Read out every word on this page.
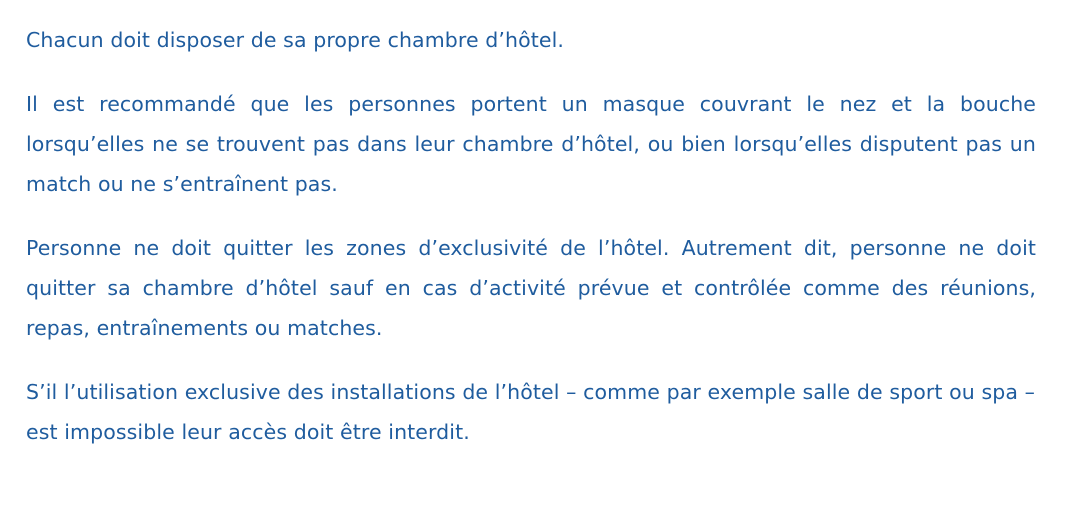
Chacun doit disposer de sa propre chambre d’hôtel.

Il est recommandé que les personnes portent un masque couvrant le nez et la bouche lorsqu’elles ne se trouvent pas dans leur chambre d’hôtel, ou bien lorsqu’elles disputent pas un match ou ne s’entraînent pas.

Personne ne doit quitter les zones d’exclusivité de l’hôtel. Autrement dit, personne ne doit quitter sa chambre d’hôtel sauf en cas d’activité prévue et contrôlée comme des réunions, repas, entraînements ou matches.

S’il l’utilisation exclusive des installations de l’hôtel – comme par exemple salle de sport ou spa – est impossible leur accès doit être interdit.
